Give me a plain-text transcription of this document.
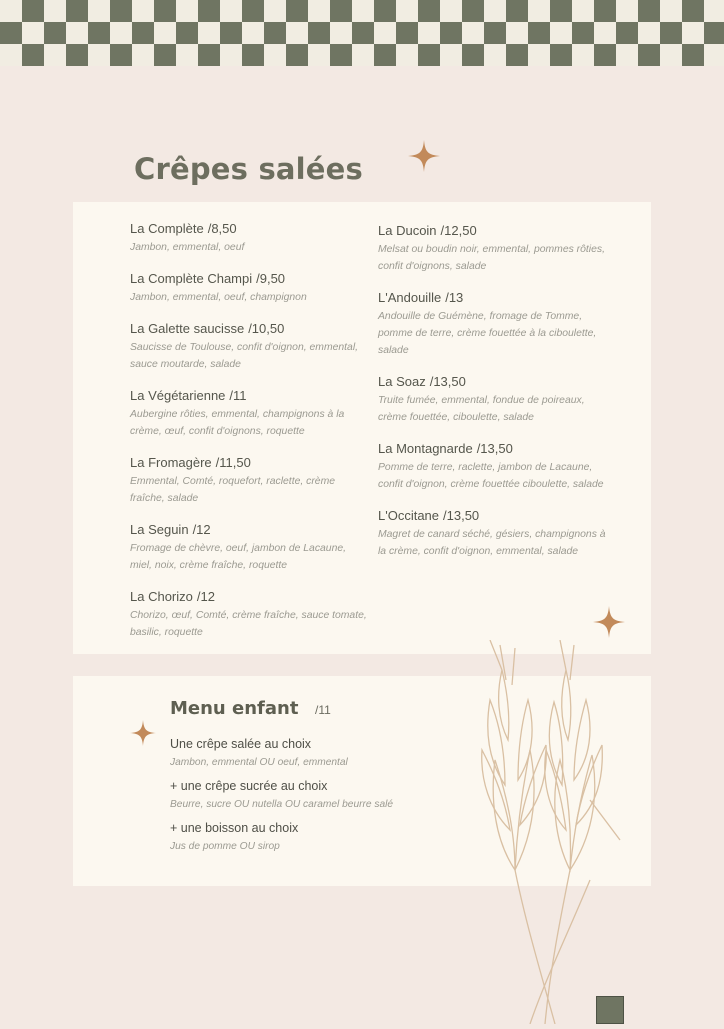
Crêpes salées
La Complète /8,50
Jambon, emmental, oeuf
La Complète Champi /9,50
Jambon, emmental, oeuf, champignon
La Galette saucisse /10,50
Saucisse de Toulouse, confit d'oignon, emmental, sauce moutarde, salade
La Végétarienne /11
Aubergine rôties, emmental, champignons à la crème, œuf, confit d'oignons, roquette
La Fromagère /11,50
Emmental, Comté, roquefort, raclette, crème fraîche, salade
La Seguin /12
Fromage de chèvre, oeuf, jambon de Lacaune, miel, noix, crème fraîche, roquette
La Chorizo /12
Chorizo, œuf, Comté, crème fraîche, sauce tomate, basilic, roquette
La Ducoin /12,50
Melsat ou boudin noir, emmental, pommes rôties, confit d'oignons, salade
L'Andouille /13
Andouille de Guémène, fromage de Tomme, pomme de terre, crème fouettée à la ciboulette, salade
La Soaz /13,50
Truite fumée, emmental, fondue de poireaux, crème fouettée, ciboulette, salade
La Montagnarde /13,50
Pomme de terre, raclette, jambon de Lacaune, confit d'oignon, crème fouettée ciboulette, salade
L'Occitane /13,50
Magret de canard séché, gésiers, champignons à la crème, confit d'oignon, emmental, salade
Menu enfant /11
Une crêpe salée au choix
Jambon, emmental OU oeuf, emmental
+ une crêpe sucrée au choix
Beurre, sucre OU nutella OU caramel beurre salé
+ une boisson au choix
Jus de pomme OU sirop
